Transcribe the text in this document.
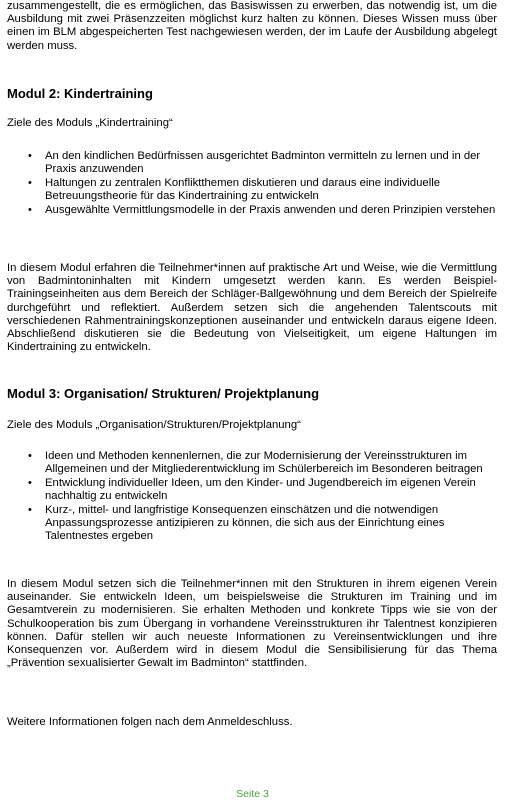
zusammengestellt, die es ermöglichen, das Basiswissen zu erwerben, das notwendig ist, um die Ausbildung mit zwei Präsenzzeiten möglichst kurz halten zu können. Dieses Wissen muss über einen im BLM abgespeicherten Test nachgewiesen werden, der im Laufe der Ausbildung abgelegt werden muss.

Modul 2: Kindertraining

Ziele des Moduls „Kindertraining“

• An den kindlichen Bedürfnissen ausgerichtet Badminton vermitteln zu lernen und in der Praxis anzuwenden
• Haltungen zu zentralen Konfliktthemen diskutieren und daraus eine individuelle Betreuungstheorie für das Kindertraining zu entwickeln
• Ausgewählte Vermittlungsmodelle in der Praxis anwenden und deren Prinzipien verstehen

In diesem Modul erfahren die Teilnehmer*innen auf praktische Art und Weise, wie die Vermittlung von Badmintoninhalten mit Kindern umgesetzt werden kann. Es werden Beispiel-Trainingseinheiten aus dem Bereich der Schläger-Ballgewöhnung und dem Bereich der Spielreife durchgeführt und reflektiert. Außerdem setzen sich die angehenden Talentscouts mit verschiedenen Rahmentrainingskonzeptionen auseinander und entwickeln daraus eigene Ideen. Abschließend diskutieren sie die Bedeutung von Vielseitigkeit, um eigene Haltungen im Kindertraining zu entwickeln.

Modul 3: Organisation/ Strukturen/ Projektplanung

Ziele des Moduls „Organisation/Strukturen/Projektplanung“

• Ideen und Methoden kennenlernen, die zur Modernisierung der Vereinsstrukturen im Allgemeinen und der Mitgliederentwicklung im Schülerbereich im Besonderen beitragen
• Entwicklung individueller Ideen, um den Kinder- und Jugendbereich im eigenen Verein nachhaltig zu entwickeln
• Kurz-, mittel- und langfristige Konsequenzen einschätzen und die notwendigen Anpassungsprozesse antizipieren zu können, die sich aus der Einrichtung eines Talentnestes ergeben

In diesem Modul setzen sich die Teilnehmer*innen mit den Strukturen in ihrem eigenen Verein auseinander. Sie entwickeln Ideen, um beispielsweise die Strukturen im Training und im Gesamtverein zu modernisieren. Sie erhalten Methoden und konkrete Tipps wie sie von der Schulkooperation bis zum Übergang in vorhandene Vereinsstrukturen ihr Talentnest konzipieren können. Dafür stellen wir auch neueste Informationen zu Vereinsentwicklungen und ihre Konsequenzen vor. Außerdem wird in diesem Modul die Sensibilisierung für das Thema „Prävention sexualisierter Gewalt im Badminton“ stattfinden.

Weitere Informationen folgen nach dem Anmeldeschluss.

Seite 3
